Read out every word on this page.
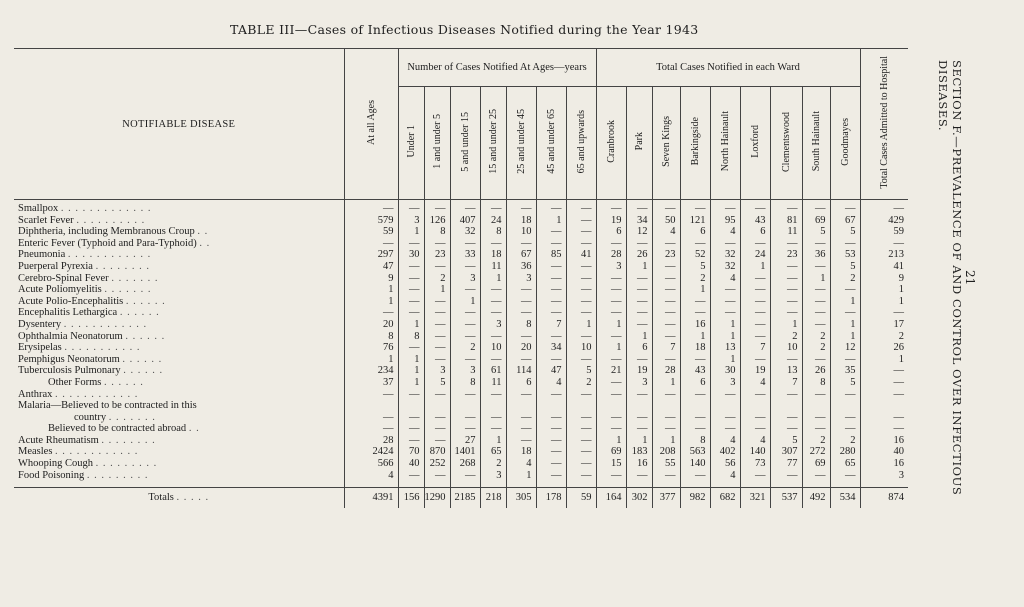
TABLE III—Cases of Infectious Diseases Notified during the Year 1943
SECTION F.—PREVALENCE OF AND CONTROL OVER INFECTIOUS DISEASES.
21
NOTIFIABLE DISEASE	At all Ages	Number of Cases Notified At Ages—years							Total Cases Notified in each Ward									Total Cases Admitted to Hospital
		Under 1	1 and under 5	5 and under 15	15 and under 25	25 and under 45	45 and under 65	65 and upwards	Cranbrook	Park	Seven Kings	Barkingside	North Hainault	Loxford	Clementswood	South Hainault	Goodmayes	
Smallpox . . . . . . . . . . . . .	—	—	—	—	—	—	—	—	—	—	—	—	—	—	—	—	—	—
Scarlet Fever . . . . . . . . . .	579	3	126	407	24	18	1	—	19	34	50	121	95	43	81	69	67	429
Diphtheria, including Membranous Croup . .	59	1	8	32	8	10	—	—	6	12	4	6	4	6	11	5	5	59
Enteric Fever (Typhoid and Para-Typhoid) . .	—	—	—	—	—	—	—	—	—	—	—	—	—	—	—	—	—	—
Pneumonia . . . . . . . . . . . .	297	30	23	33	18	67	85	41	28	26	23	52	32	24	23	36	53	213
Puerperal Pyrexia . . . . . . . .	47	—	—	—	11	36	—	—	3	1	—	5	32	1	—	—	5	41
Cerebro-Spinal Fever . . . . . . .	9	—	2	3	1	3	—	—	—	—	—	2	4	—	—	1	2	9
Acute Poliomyelitis . . . . . . .	1	—	1	—	—	—	—	—	—	—	—	1	—	—	—	—	—	1
Acute Polio-Encephalitis . . . . . .	1	—	—	1	—	—	—	—	—	—	—	—	—	—	—	—	1	1
Encephalitis Lethargica . . . . . .	—	—	—	—	—	—	—	—	—	—	—	—	—	—	—	—	—	—
Dysentery . . . . . . . . . . . .	20	1	—	—	3	8	7	1	1	—	—	16	1	—	1	—	1	17
Ophthalmia Neonatorum . . . . . .	8	8	—	—	—	—	—	—	—	1	—	1	1	—	2	2	1	2
Erysipelas . . . . . . . . . . .	76	—	—	2	10	20	34	10	1	6	7	18	13	7	10	2	12	26
Pemphigus Neonatorum . . . . . .	1	1	—	—	—	—	—	—	—	—	—	—	1	—	—	—	—	1
Tuberculosis Pulmonary . . . . . .	234	1	3	3	61	114	47	5	21	19	28	43	30	19	13	26	35	—
Other Forms . . . . . .	37	1	5	8	11	6	4	2	—	3	1	6	3	4	7	8	5	—
Anthrax . . . . . . . . . . . .	—	—	—	—	—	—	—	—	—	—	—	—	—	—	—	—	—	—
Malaria—Believed to be contracted in this																		
country . . . . . . .	—	—	—	—	—	—	—	—	—	—	—	—	—	—	—	—	—	—
Believed to be contracted abroad . .	—	—	—	—	—	—	—	—	—	—	—	—	—	—	—	—	—	—
Acute Rheumatism . . . . . . . .	28	—	—	27	1	—	—	—	1	1	1	8	4	4	5	2	2	16
Measles . . . . . . . . . . . .	2424	70	870	1401	65	18	—	—	69	183	208	563	402	140	307	272	280	40
Whooping Cough . . . . . . . . .	566	40	252	268	2	4	—	—	15	16	55	140	56	73	77	69	65	16
Food Poisoning . . . . . . . . .	4	—	—	—	3	1	—	—	—	—	—	—	4	—	—	—	—	3

Totals . . . . .	4391	156	1290	2185	218	305	178	59	164	302	377	982	682	321	537	492	534	874
